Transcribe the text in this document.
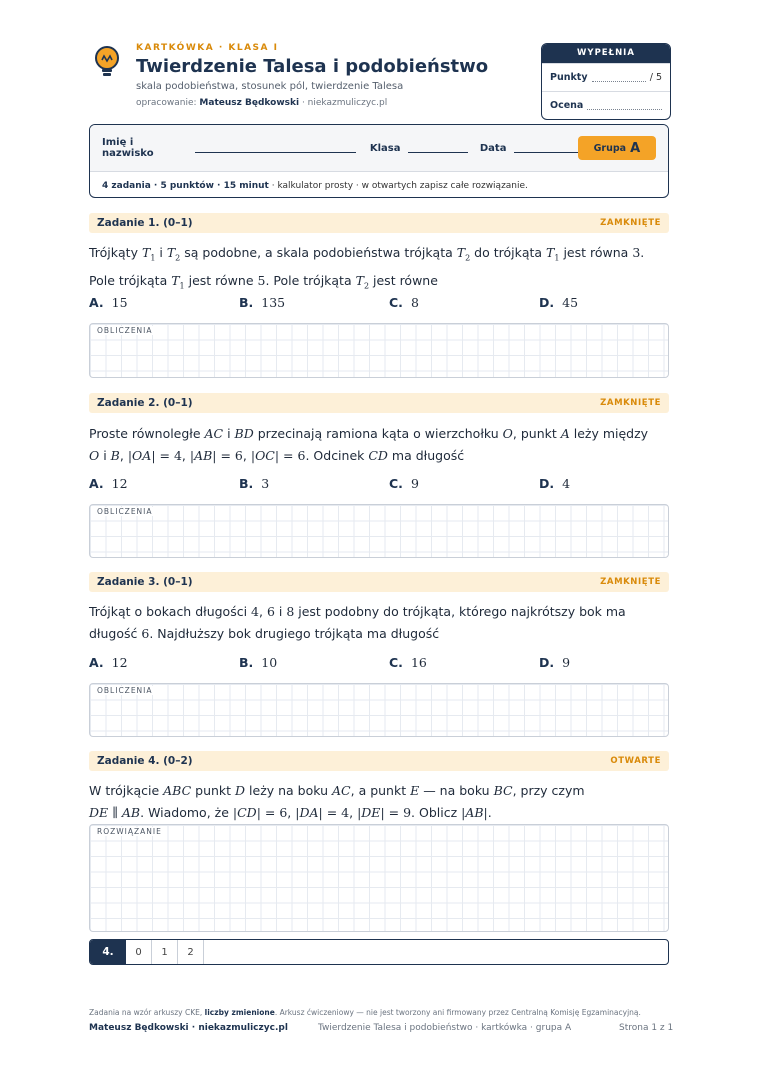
KARTKÓWKA · KLASA I
Twierdzenie Talesa i podobieństwo
skala podobieństwa, stosunek pól, twierdzenie Talesa
opracowanie: Mateusz Będkowski · niekazmuliczyc.pl
WYPEŁNIA NAUCZYCIEL
Punkty	/ 5
Ocena
Imię i nazwisko	Klasa	Data	Grupa A
4 zadania · 5 punktów · 15 minut
· kalkulator prosty · w otwartych zapisz całe rozwiązanie.
Zadanie 1. (0–1)	ZAMKNIĘTE
Trójkąty $T_1$ i $T_2$ są podobne, a skala podobieństwa trójkąta $T_2$ do trójkąta $T_1$ jest równa 3.
Pole trójkąta $T_1$ jest równe 5. Pole trójkąta $T_2$ jest równe
A. 15	B. 135	C. 8	D. 45
OBLICZENIA
Zadanie 2. (0–1)	ZAMKNIĘTE
Proste równoległe AC i BD przecinają ramiona kąta o wierzchołku O, punkt A leży między
O i B, |OA| = 4, |AB| = 6, |OC| = 6. Odcinek CD ma długość
A. 12	B. 3	C. 9	D. 4
OBLICZENIA
Zadanie 3. (0–1)	ZAMKNIĘTE
Trójkąt o bokach długości 4, 6 i 8 jest podobny do trójkąta, którego najkrótszy bok ma
długość 6. Najdłuższy bok drugiego trójkąta ma długość
A. 12	B. 10	C. 16	D. 9
OBLICZENIA
Zadanie 4. (0–2)	OTWARTE
W trójkącie ABC punkt D leży na boku AC, a punkt E — na boku BC, przy czym
DE ∥ AB. Wiadomo, że |CD| = 6, |DA| = 4, |DE| = 9. Oblicz |AB|.
ROZWIĄZANIE
4.	0	1	2
Zadania na wzór arkuszy CKE, liczby zmienione. Arkusz ćwiczeniowy — nie jest tworzony ani firmowany przez Centralną Komisję Egzaminacyjną.
Mateusz Będkowski · niekazmuliczyc.pl	Twierdzenie Talesa i podobieństwo · kartkówka · grupa A	Strona 1 z 1
